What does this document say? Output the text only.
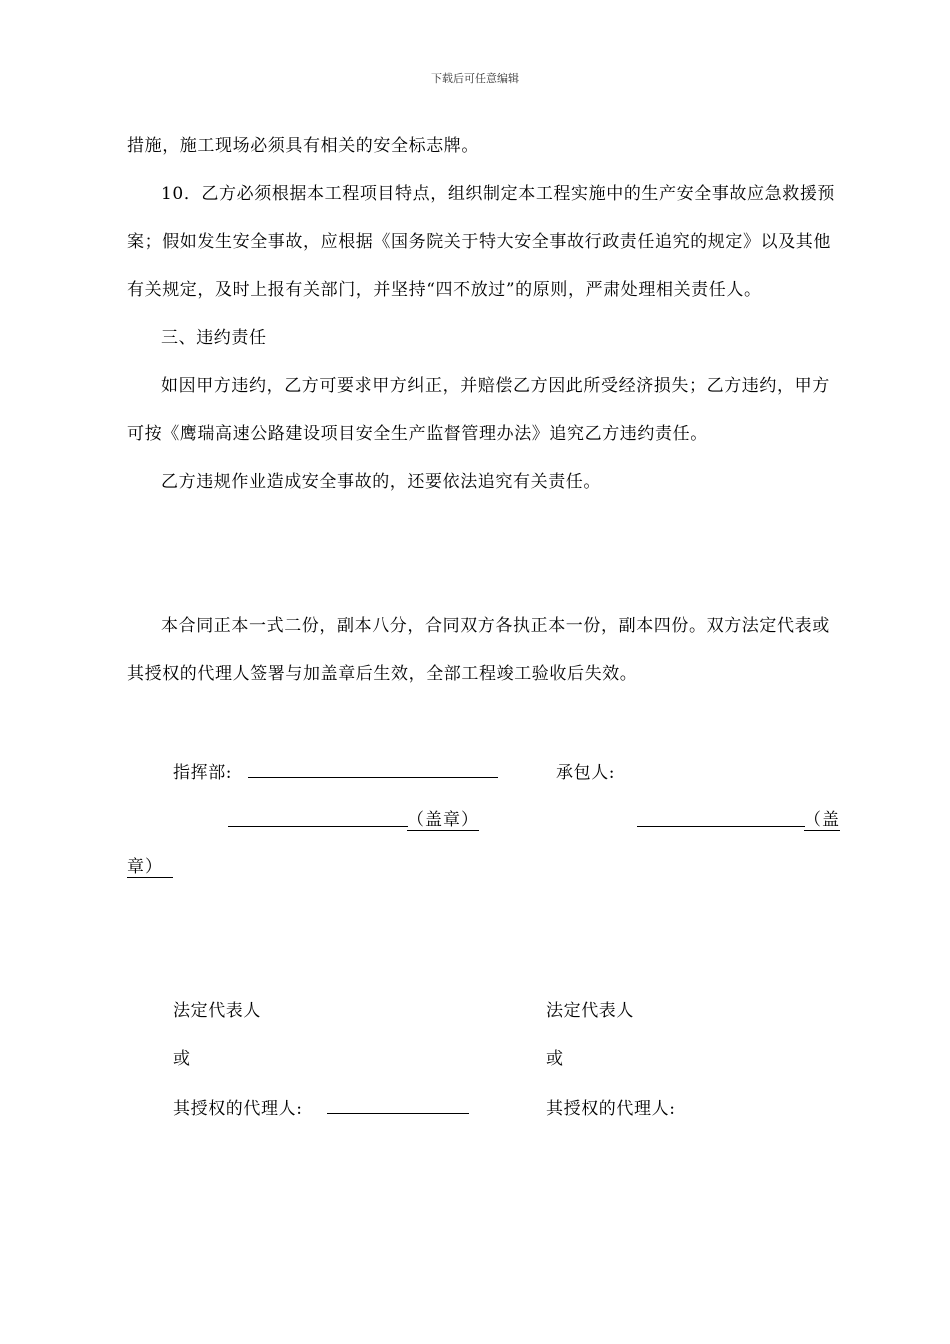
下载后可任意编辑

措施，施工现场必须具有相关的安全标志牌。

10．乙方必须根据本工程项目特点，组织制定本工程实施中的生产安全事故应急救援预案；假如发生安全事故，应根据《国务院关于特大安全事故行政责任追究的规定》以及其他有关规定，及时上报有关部门，并坚持“四不放过”的原则，严肃处理相关责任人。

三、违约责任

如因甲方违约，乙方可要求甲方纠正，并赔偿乙方因此所受经济损失；乙方违约，甲方可按《鹰瑞高速公路建设项目安全生产监督管理办法》追究乙方违约责任。

乙方违规作业造成安全事故的，还要依法追究有关责任。

本合同正本一式二份，副本八分，合同双方各执正本一份，副本四份。双方法定代表或其授权的代理人签署与加盖章后生效，全部工程竣工验收后失效。

指挥部:	承包人:
（盖章）	（盖
章）
法定代表人	法定代表人
或	或
其授权的代理人:	其授权的代理人:
